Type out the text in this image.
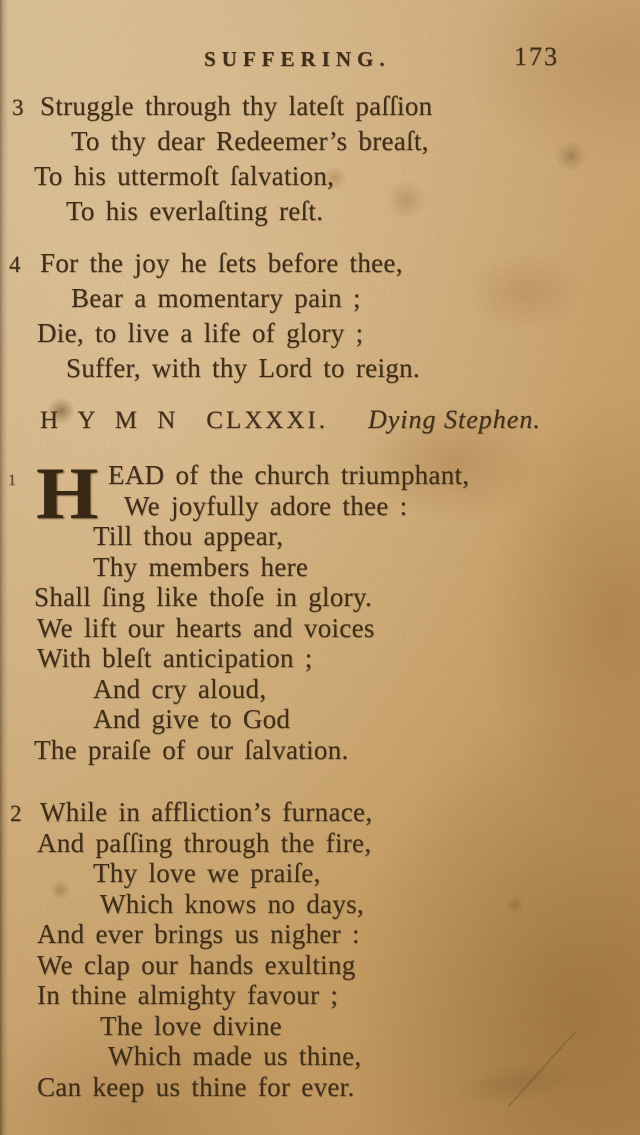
SUFFERING.	173
3 Struggle through thy lateſt paſſion
To thy dear Redeemer’s breaſt,
To his uttermoſt ſalvation,
To his everlaſting reſt.
4 For the joy he ſets before thee,
Bear a momentary pain ;
Die, to live a life of glory ;
Suffer, with thy Lord to reign.
H Y M N CLXXXI. Dying Stephen.
1 H EAD of the church triumphant,
We joyfully adore thee :
Till thou appear,
Thy members here
Shall ſing like thoſe in glory.
We lift our hearts and voices
With bleſt anticipation ;
And cry aloud,
And give to God
The praiſe of our ſalvation.
2 While in affliction’s furnace,
And paſſing through the fire,
Thy love we praiſe,
Which knows no days,
And ever brings us nigher :
We clap our hands exulting
In thine almighty favour ;
The love divine
Which made us thine,
Can keep us thine for ever.
